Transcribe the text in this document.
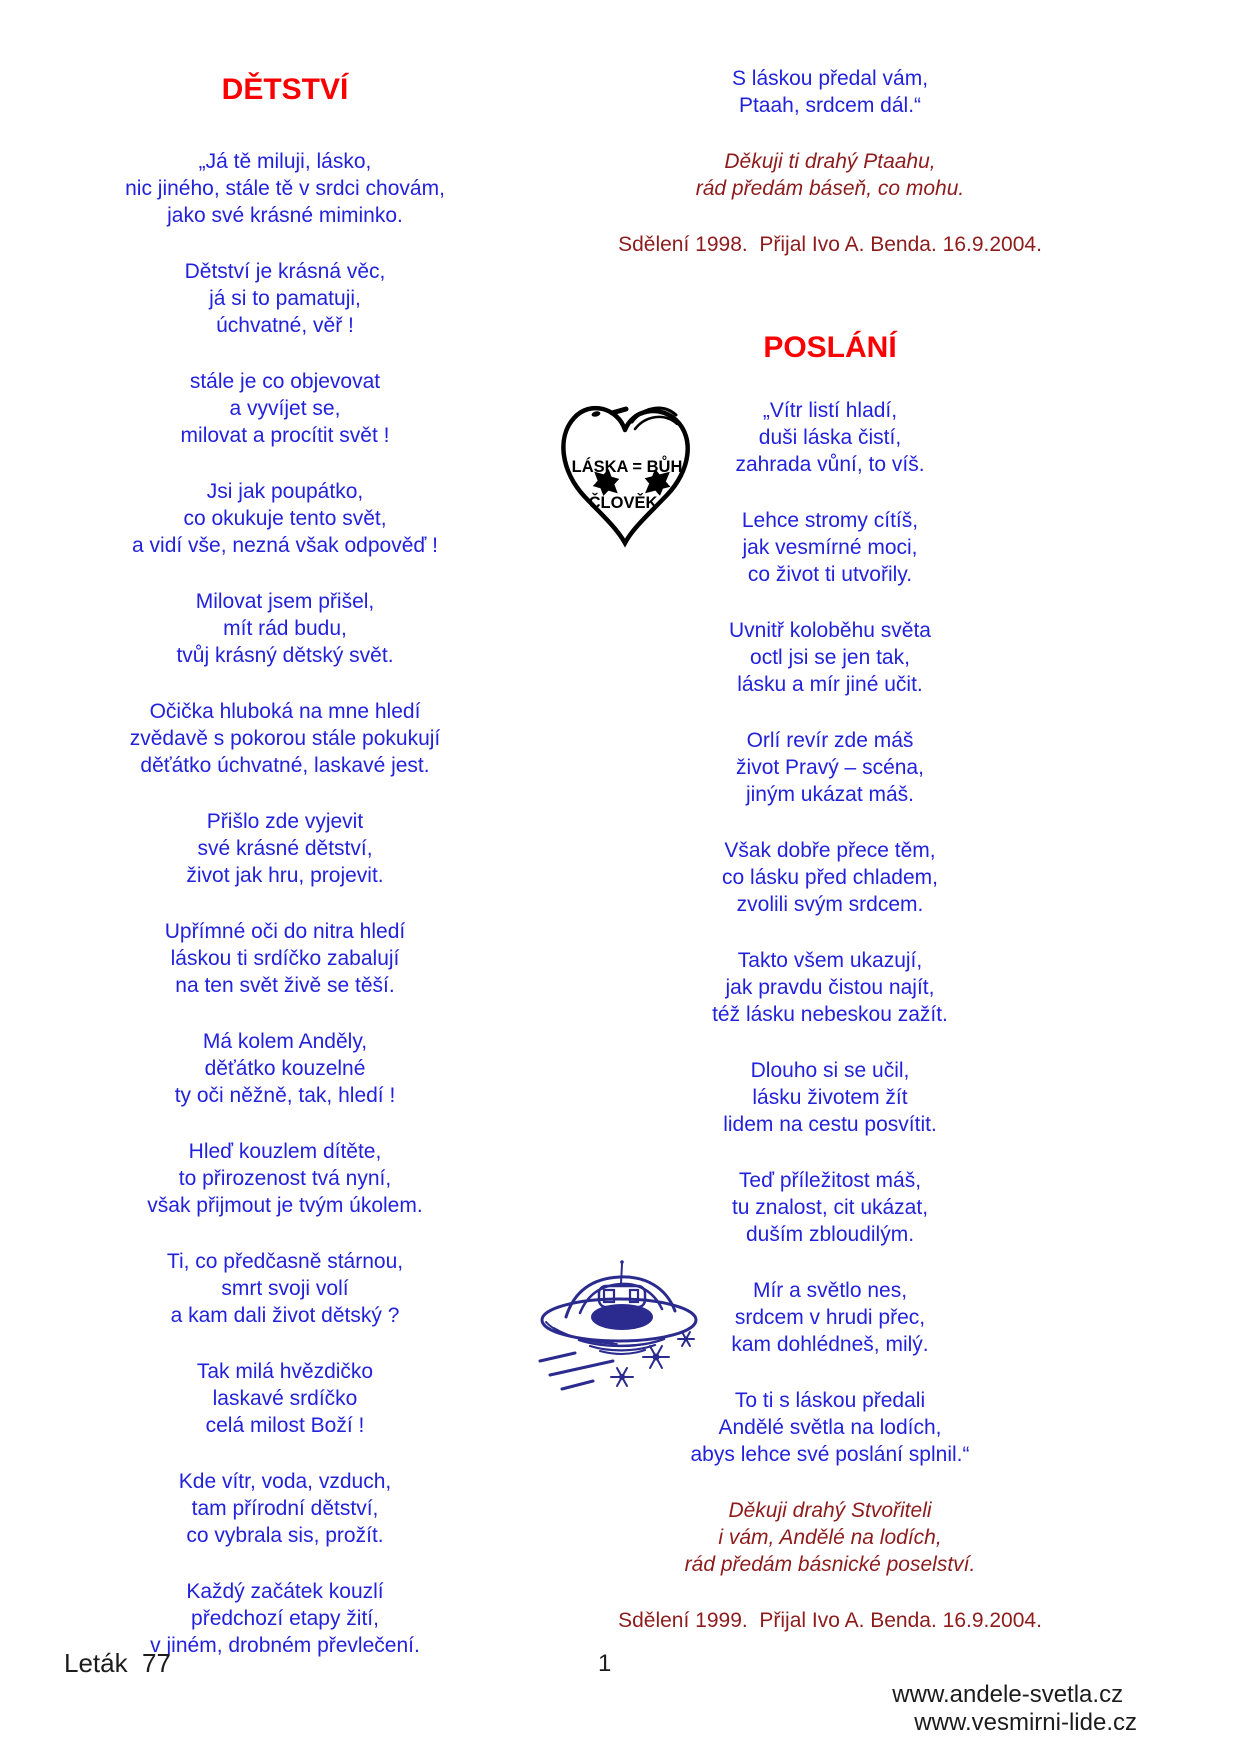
DĚTSTVÍ
„Já tě miluji, lásko,
nic jiného, stále tě v srdci chovám,
jako své krásné miminko.
Dětství je krásná věc,
já si to pamatuji,
úchvatné, věř !
stále je co objevovat
a vyvíjet se,
milovat a procítit svět !
Jsi jak poupátko,
co okukuje tento svět,
a vidí vše, nezná však odpověď !
Milovat jsem přišel,
mít rád budu,
tvůj krásný dětský svět.
Očička hluboká na mne hledí
zvědavě s pokorou stále pokukují
děťátko úchvatné, laskavé jest.
Přišlo zde vyjevit
své krásné dětství,
život jak hru, projevit.
Upřímné oči do nitra hledí
láskou ti srdíčko zabalují
na ten svět živě se těší.
Má kolem Anděly,
děťátko kouzelné
ty oči něžně, tak, hledí !
Hleď kouzlem dítěte,
to přirozenost tvá nyní,
však přijmout je tvým úkolem.
Ti, co předčasně stárnou,
smrt svoji volí
a kam dali život dětský ?
Tak milá hvězdičko
laskavé srdíčko
celá milost Boží !
Kde vítr, voda, vzduch,
tam přírodní dětství,
co vybrala sis, prožít.
Každý začátek kouzlí
předchozí etapy žití,
v jiném, drobném převlečení.
S láskou předal vám,
Ptaah, srdcem dál.“
Děkuji ti drahý Ptaahu,
rád předám báseň, co mohu.
Sdělení 1998.  Přijal Ivo A. Benda. 16.9.2004.
POSLÁNÍ
„Vítr listí hladí,
duši láska čistí,
zahrada vůní, to víš.
Lehce stromy cítíš,
jak vesmírné moci,
co život ti utvořily.
Uvnitř koloběhu světa
octl jsi se jen tak,
lásku a mír jiné učit.
Orlí revír zde máš
život Pravý – scéna,
jiným ukázat máš.
Však dobře přece těm,
co lásku před chladem,
zvolili svým srdcem.
Takto všem ukazují,
jak pravdu čistou najít,
též lásku nebeskou zažít.
Dlouho si se učil,
lásku životem žít
lidem na cestu posvítit.
Teď příležitost máš,
tu znalost, cit ukázat,
duším zbloudilým.
Mír a světlo nes,
srdcem v hrudi přec,
kam dohlédneš, milý.
To ti s láskou předali
Andělé světla na lodích,
abys lehce své poslání splnil.“
Děkuji drahý Stvořiteli
i vám, Andělé na lodích,
rád předám básnické poselství.
Sdělení 1999.  Přijal Ivo A. Benda. 16.9.2004.
LÁSKA = BŮH
ČLOVĚK
Leták  77	1

www.andele-svetla.cz
www.vesmirni-lide.cz
